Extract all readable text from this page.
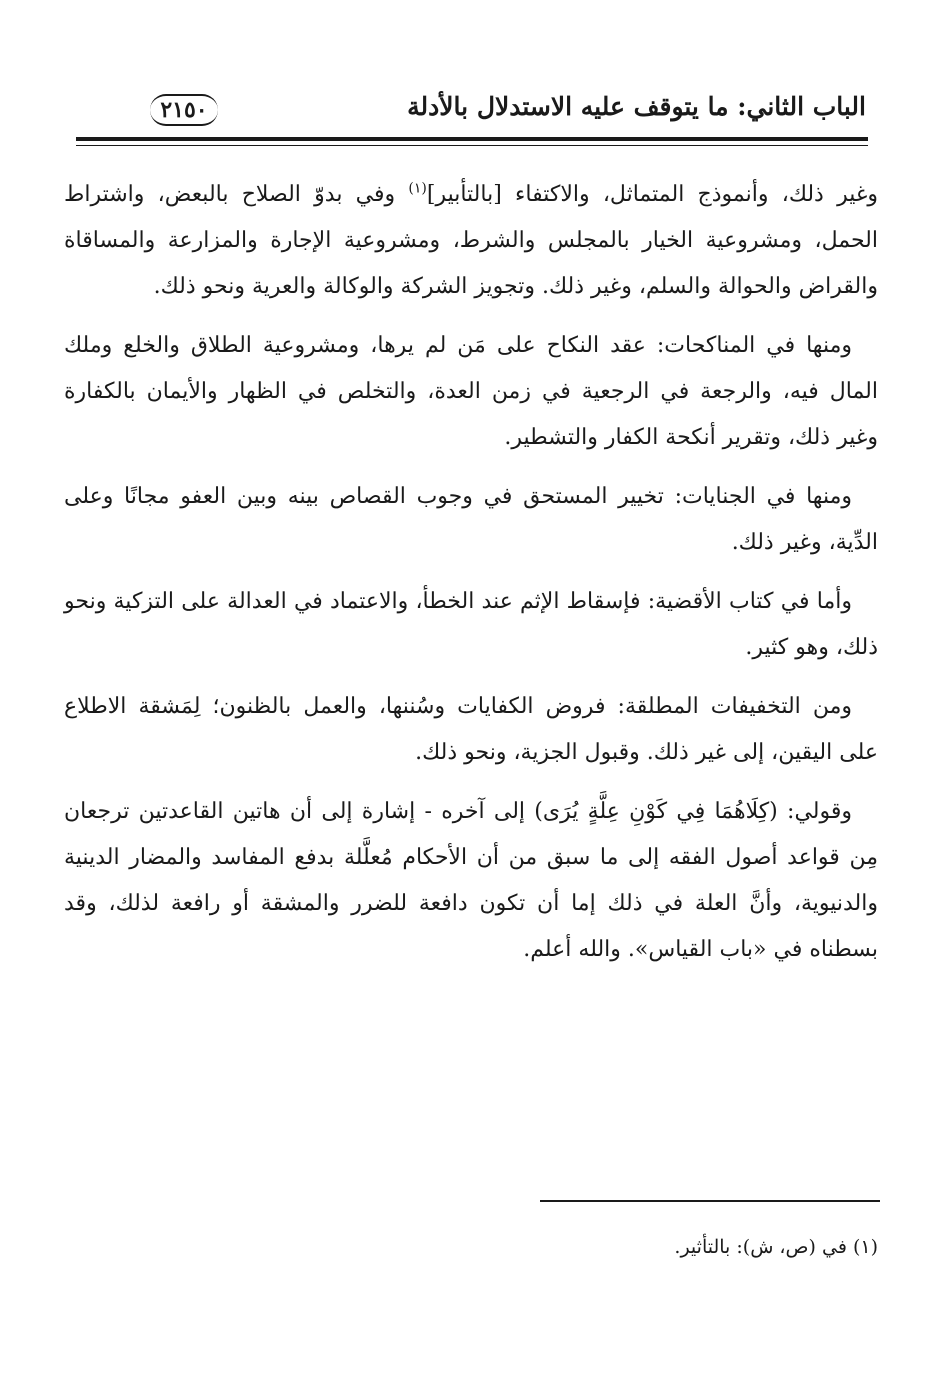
الباب الثاني: ما يتوقف عليه الاستدلال بالأدلة
٢١٥٠

وغير ذلك، وأنموذج المتماثل، والاكتفاء [بالتأبير]$^{(١)}$ وفي بدوّ الصلاح بالبعض، واشتراط الحمل، ومشروعية الخيار بالمجلس والشرط، ومشروعية الإجارة والمزارعة والمساقاة والقراض والحوالة والسلم، وغير ذلك. وتجويز الشركة والوكالة والعرية ونحو ذلك.

ومنها في المناكحات: عقد النكاح على مَن لم يرها، ومشروعية الطلاق والخلع وملك المال فيه، والرجعة في الرجعية في زمن العدة، والتخلص في الظهار والأيمان بالكفارة وغير ذلك، وتقرير أنكحة الكفار والتشطير.

ومنها في الجنايات: تخيير المستحق في وجوب القصاص بينه وبين العفو مجانًا وعلى الدِّية، وغير ذلك.

وأما في كتاب الأقضية: فإسقاط الإثم عند الخطأ، والاعتماد في العدالة على التزكية ونحو ذلك، وهو كثير.

ومن التخفيفات المطلقة: فروض الكفايات وسُننها، والعمل بالظنون؛ لِمَشقة الاطلاع على اليقين، إلى غير ذلك. وقبول الجزية، ونحو ذلك.

وقولي: (كِلَاهُمَا فِي كَوْنِ عِلَّةٍ يُرَى) إلى آخره - إشارة إلى أن هاتين القاعدتين ترجعان مِن قواعد أصول الفقه إلى ما سبق من أن الأحكام مُعلَّلة بدفع المفاسد والمضار الدينية والدنيوية، وأنَّ العلة في ذلك إما أن تكون دافعة للضرر والمشقة أو رافعة لذلك، وقد بسطناه في «باب القياس». والله أعلم.

(١) في (ص، ش): بالتأثير.
